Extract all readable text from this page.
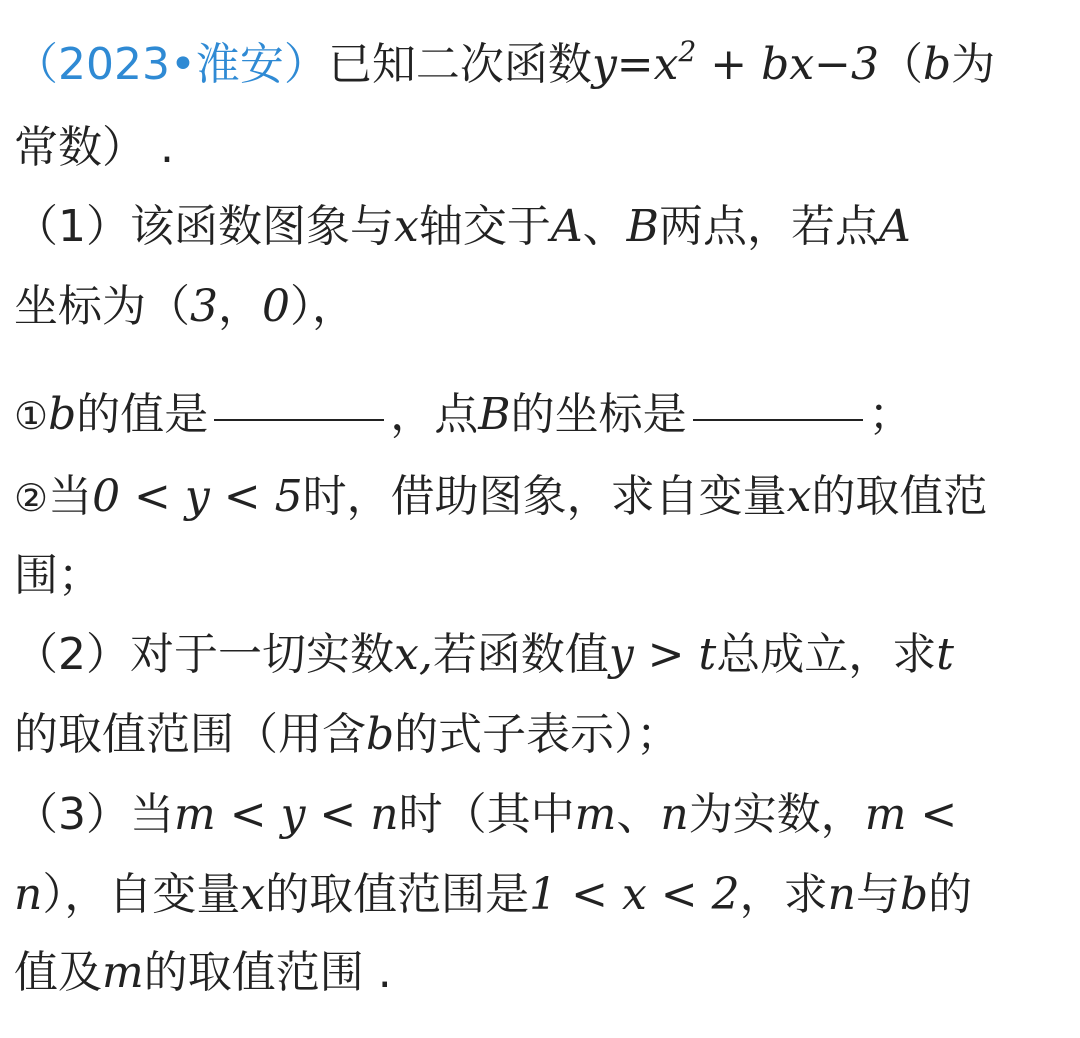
（2023•淮安）已知二次函数$y=x^2 + bx-3(b$为
常数） .
（1）该函数图象与x轴交于A、B两点，若点A
坐标为（3，0），
①b的值是	，点B的坐标是	；
②当0 < y < 5时，借助图象，求自变量x的取值范
围；
（2）对于一切实数x,若函数值y > t总成立，求t
的取值范围（用含b的式子表示）；
（3）当m < y < n时（其中m、n为实数，m <
n），自变量x的取值范围是1 < x < 2，求n与b的
值及m的取值范围 .
